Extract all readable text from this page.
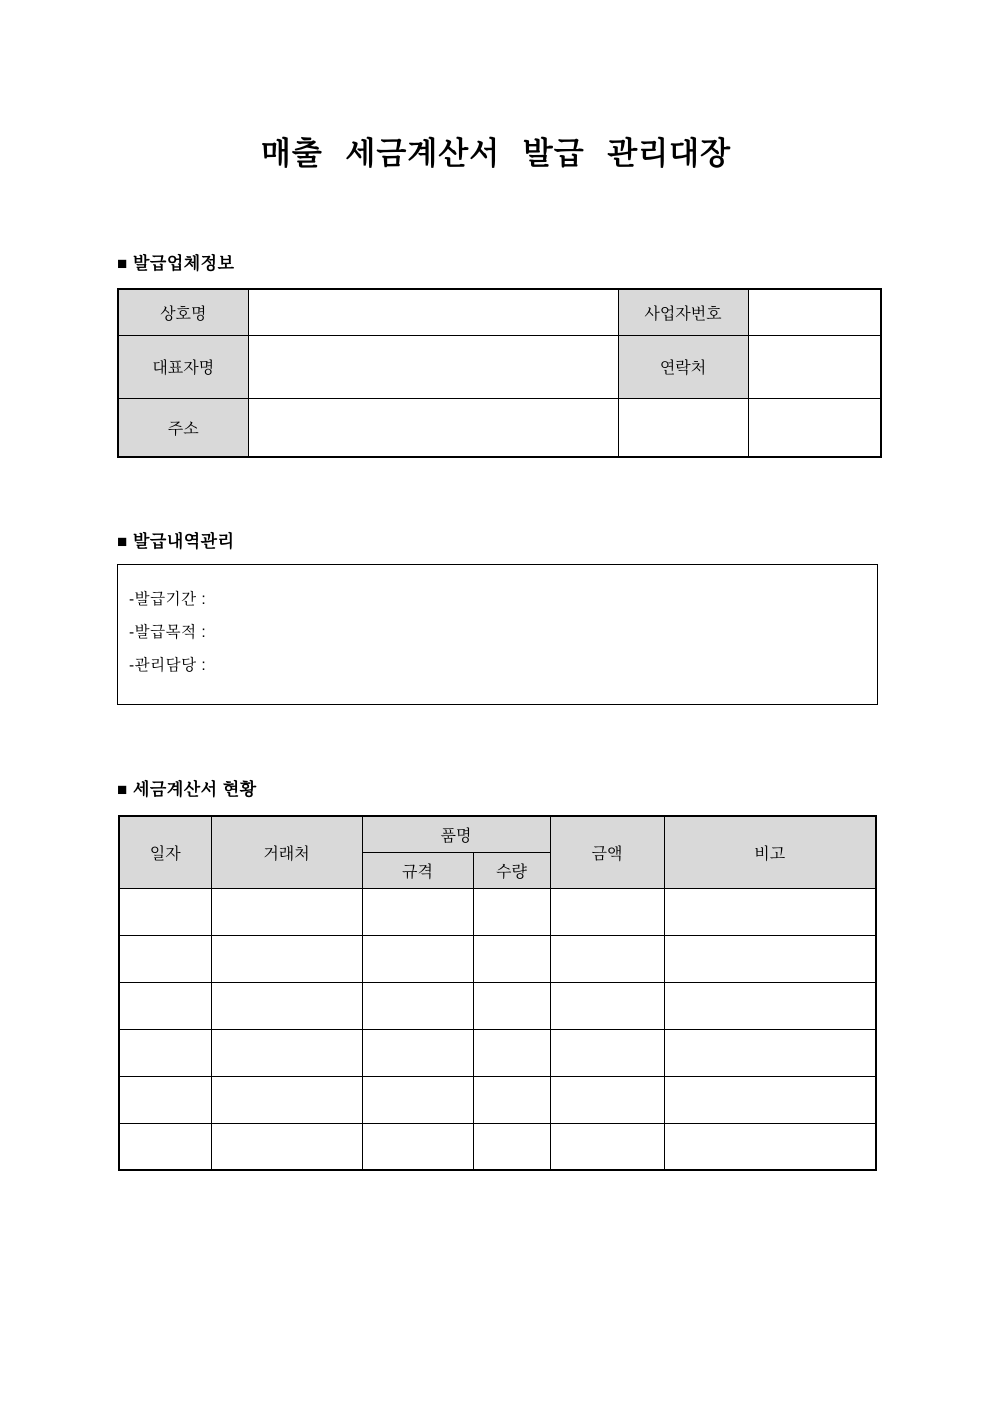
매출 세금계산서 발급 관리대장
■ 발급업체정보
상호명		사업자번호	
대표자명		연락처	
주소			
■ 발급내역관리
-발급기간 :
-발급목적 :
-관리담당 :
■ 세금계산서 현황
일자	거래처	품명		금액	비고
		규격	수량		
